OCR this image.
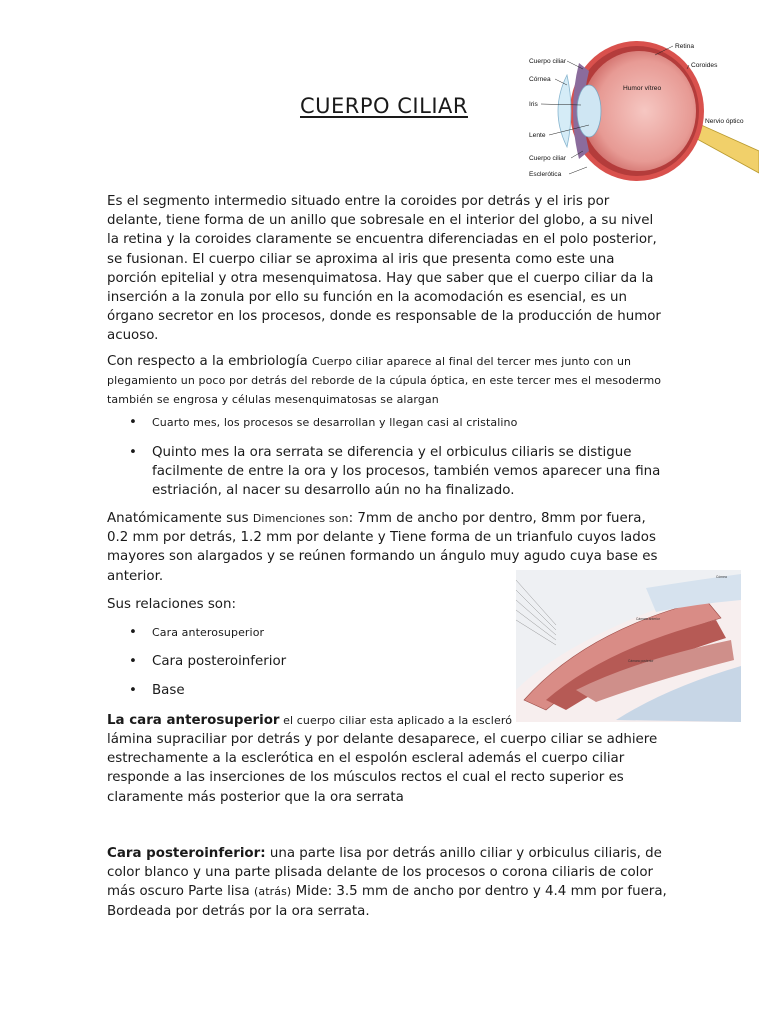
CUERPO CILIAR
Cuerpo ciliar
Córnea
Iris
Lente
Cuerpo ciliar
Esclerótica
Retina
Coroides
Humor vítreo
Nervio óptico
Cámara anterior
Cámara posterior
Córnea

Es el segmento intermedio situado entre la coroides por detrás y el iris por delante, tiene forma de un anillo que sobresale en el interior del globo, a su nivel la retina y la coroides claramente se encuentra diferenciadas en el polo posterior, se fusionan. El cuerpo ciliar se aproxima al iris que presenta como este una porción epitelial y otra mesenquimatosa. Hay que saber que el cuerpo ciliar da la inserción a la zonula por ello su función en la acomodación es esencial, es un órgano secretor en los procesos, donde es responsable de la producción de humor acuoso.

Con respecto a la embriología Cuerpo ciliar aparece al final del tercer mes junto con un plegamiento un poco por detrás del reborde de la cúpula óptica, en este tercer mes el mesodermo también se engrosa y células mesenquimatosas se alargan

• Cuarto mes, los procesos se desarrollan y llegan casi al cristalino

• Quinto mes la ora serrata se diferencia y el orbiculus ciliaris se distigue facilmente de entre la ora y los procesos, también vemos aparecer una fina estriación, al nacer su desarrollo aún no ha finalizado.

Anatómicamente sus Dimenciones son: 7mm de ancho por dentro, 8mm por fuera, 0.2 mm por detrás, 1.2 mm por delante y Tiene forma de un trianfulo cuyos lados mayores son alargados y se reúnen formando un ángulo muy agudo cuya base es anterior.

Sus relaciones son:

• Cara anterosuperior

• Cara posteroinferior

• Base

La cara anterosuperior el cuerpo ciliar esta aplicado a la escleró

lámina supraciliar por detrás y por delante desaparece, el cuerpo ciliar se adhiere estrechamente a la esclerótica en el espolón escleral además el cuerpo ciliar responde a las inserciones de los músculos rectos el cual el recto superior es claramente más posterior que la ora serrata

Cara posteroinferior: una parte lisa por detrás anillo ciliar y orbiculus ciliaris, de color blanco y una parte plisada delante de los procesos o corona ciliaris de color más oscuro Parte lisa (atrás) Mide: 3.5 mm de ancho por dentro y 4.4 mm por fuera, Bordeada por detrás por la ora serrata.
